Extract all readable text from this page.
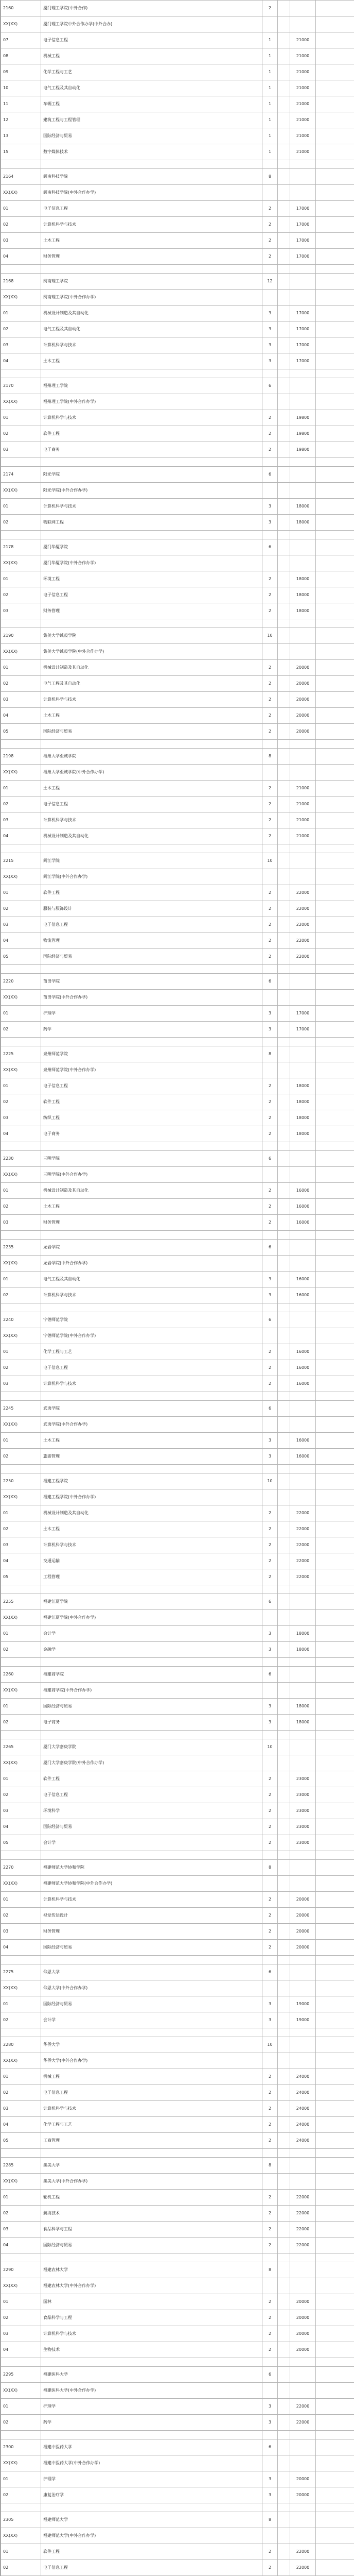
2160	厦门理工学院(中外合作)	2			
XX(XX)	厦门理工学院中外合作办学(中外合办)				
07	电子信息工程	1		21000	
08	机械工程	1		21000	
09	化学工程与工艺	1		21000	
10	电气工程及其自动化	1		21000	
11	车辆工程	1		21000	
12	建筑工程与工程管理	1		21000	
13	国际经济与贸易	1		21000	
15	数字媒体技术	1		21000	

2164	闽南科技学院	8			
XX(XX)	闽南科技学院(中外合作办学)				
01	电子信息工程	2		17000	
02	计算机科学与技术	2		17000	
03	土木工程	2		17000	
04	财务管理	2		17000	

2168	闽南理工学院	12			
XX(XX)	闽南理工学院(中外合作办学)				
01	机械设计制造及其自动化	3		17000	
02	电气工程及其自动化	3		17000	
03	计算机科学与技术	3		17000	
04	土木工程	3		17000	

2170	福州理工学院	6			
XX(XX)	福州理工学院(中外合作办学)				
01	计算机科学与技术	2		19800	
02	软件工程	2		19800	
03	电子商务	2		19800	

2174	阳光学院	6			
XX(XX)	阳光学院(中外合作办学)				
01	计算机科学与技术	3		18000	
02	物联网工程	3		18000	

2178	厦门华厦学院	6			
XX(XX)	厦门华厦学院(中外合作办学)				
01	环境工程	2		18000	
02	电子信息工程	2		18000	
03	财务管理	2		18000	

2190	集美大学诚毅学院	10			
XX(XX)	集美大学诚毅学院(中外合作办学)				
01	机械设计制造及其自动化	2		20000	
02	电气工程及其自动化	2		20000	
03	计算机科学与技术	2		20000	
04	土木工程	2		20000	
05	国际经济与贸易	2		20000	

2198	福州大学至诚学院	8			
XX(XX)	福州大学至诚学院(中外合作办学)				
01	土木工程	2		21000	
02	电子信息工程	2		21000	
03	计算机科学与技术	2		21000	
04	机械设计制造及其自动化	2		21000	

2215	闽江学院	10			
XX(XX)	闽江学院(中外合作办学)				
01	软件工程	2		22000	
02	服装与服饰设计	2		22000	
03	电子信息工程	2		22000	
04	物流管理	2		22000	
05	国际经济与贸易	2		22000	

2220	莆田学院	6			
XX(XX)	莆田学院(中外合作办学)				
01	护理学	3		17000	
02	药学	3		17000	

2225	泉州师范学院	8			
XX(XX)	泉州师范学院(中外合作办学)				
01	电子信息工程	2		18000	
02	软件工程	2		18000	
03	纺织工程	2		18000	
04	电子商务	2		18000	

2230	三明学院	6			
XX(XX)	三明学院(中外合作办学)				
01	机械设计制造及其自动化	2		16000	
02	土木工程	2		16000	
03	财务管理	2		16000	

2235	龙岩学院	6			
XX(XX)	龙岩学院(中外合作办学)				
01	电气工程及其自动化	3		16000	
02	计算机科学与技术	3		16000	

2240	宁德师范学院	6			
XX(XX)	宁德师范学院(中外合作办学)				
01	化学工程与工艺	2		16000	
02	电子信息工程	2		16000	
03	计算机科学与技术	2		16000	

2245	武夷学院	6			
XX(XX)	武夷学院(中外合作办学)				
01	土木工程	3		16000	
02	旅游管理	3		16000	

2250	福建工程学院	10			
XX(XX)	福建工程学院(中外合作办学)				
01	机械设计制造及其自动化	2		22000	
02	土木工程	2		22000	
03	计算机科学与技术	2		22000	
04	交通运输	2		22000	
05	工程管理	2		22000	

2255	福建江夏学院	6			
XX(XX)	福建江夏学院(中外合作办学)				
01	会计学	3		18000	
02	金融学	3		18000	

2260	福建商学院	6			
XX(XX)	福建商学院(中外合作办学)				
01	国际经济与贸易	3		18000	
02	电子商务	3		18000	

2265	厦门大学嘉庚学院	10			
XX(XX)	厦门大学嘉庚学院(中外合作办学)				
01	软件工程	2		23000	
02	电子信息工程	2		23000	
03	环境科学	2		23000	
04	国际经济与贸易	2		23000	
05	会计学	2		23000	

2270	福建师范大学协和学院	8			
XX(XX)	福建师范大学协和学院(中外合作办学)				
01	计算机科学与技术	2		20000	
02	视觉传达设计	2		20000	
03	财务管理	2		20000	
04	国际经济与贸易	2		20000	

2275	仰恩大学	6			
XX(XX)	仰恩大学(中外合作办学)				
01	国际经济与贸易	3		19000	
02	会计学	3		19000	

2280	华侨大学	10			
XX(XX)	华侨大学(中外合作办学)				
01	机械工程	2		24000	
02	电子信息工程	2		24000	
03	计算机科学与技术	2		24000	
04	化学工程与工艺	2		24000	
05	工商管理	2		24000	

2285	集美大学	8			
XX(XX)	集美大学(中外合作办学)				
01	轮机工程	2		22000	
02	航海技术	2		22000	
03	食品科学与工程	2		22000	
04	国际经济与贸易	2		22000	

2290	福建农林大学	8			
XX(XX)	福建农林大学(中外合作办学)				
01	园林	2		20000	
02	食品科学与工程	2		20000	
03	计算机科学与技术	2		20000	
04	生物技术	2		20000	

2295	福建医科大学	6			
XX(XX)	福建医科大学(中外合作办学)				
01	护理学	3		22000	
02	药学	3		22000	

2300	福建中医药大学	6			
XX(XX)	福建中医药大学(中外合作办学)				
01	护理学	3		20000	
02	康复治疗学	3		20000	

2305	福建师范大学	8			
XX(XX)	福建师范大学(中外合作办学)				
01	软件工程	2		22000	
02	电子信息工程	2		22000	
